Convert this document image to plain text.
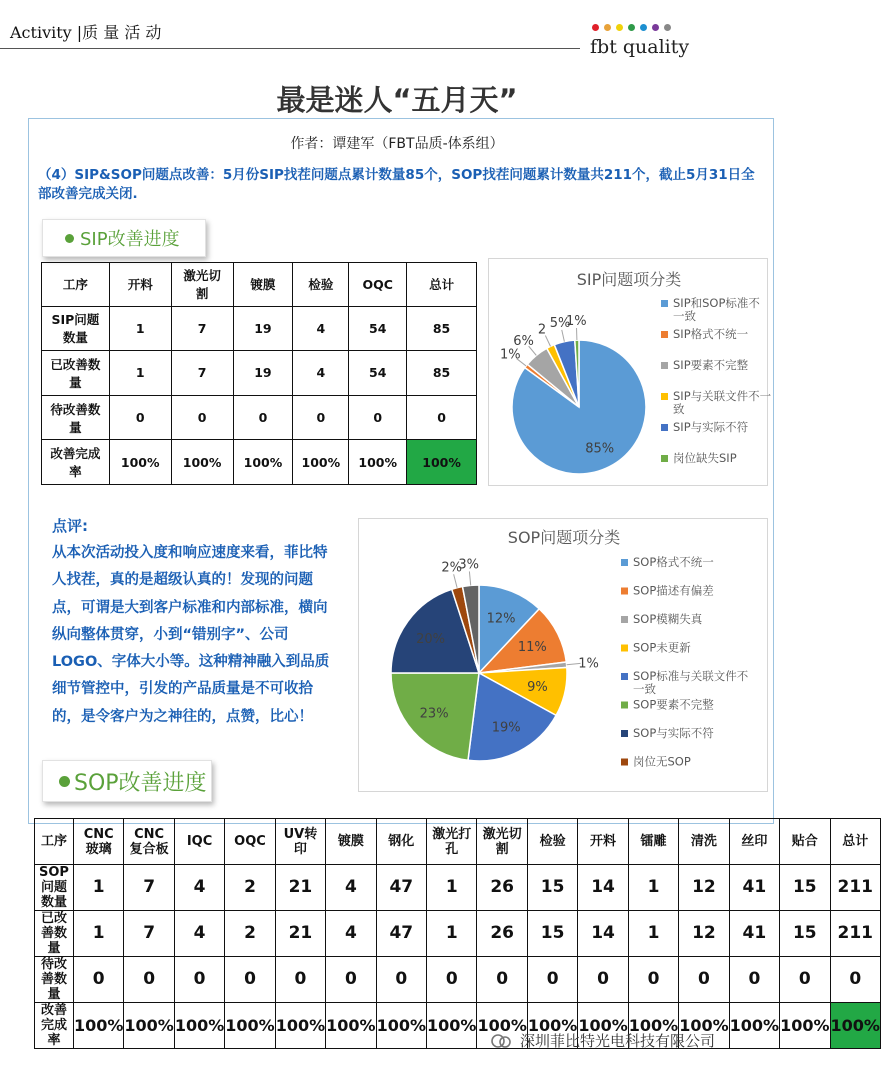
Activity |质 量 活 动
fbt quality
最是迷人“五月天”
作者：谭建军（FBT品质-体系组）
（4）SIP&SOP问题点改善：5月份SIP找茬问题点累计数量85个，SOP找茬问题累计数量共211个，截止5月31日全部改善完成关闭.
SIP改善进度
工序	开料	激光切割	镀膜	检验	OQC	总计
SIP问题数量	1	7	19	4	54	85
已改善数量	1	7	19	4	54	85
待改善数量	0	0	0	0	0	0
改善完成率	100%	100%	100%	100%	100%	100%
SIP问题项分类
85%
1%
6%
2 5%
1%
SIP和SOP标准不
一致
SIP格式不统一
SIP要素不完整
SIP与关联文件不一
致
SIP与实际不符
岗位缺失SIP
点评:
从本次活动投入度和响应速度来看，菲比特人找茬，真的是超级认真的！发现的问题点，可谓是大到客户标准和内部标准，横向纵向整体贯穿，小到“错别字”、公司LOGO、字体大小等。这种精神融入到品质细节管控中，引发的产品质量是不可收拾的，是令客户为之神往的，点赞，比心！
SOP问题项分类
12%
11%
1%
9%
19%
23%
20%
2%
3%	SOP格式不统一
SOP描述有偏差
SOP模糊失真
SOP未更新
SOP标准与关联文件不
一致
SOP要素不完整
SOP与实际不符
岗位无SOP
SOP改善进度
工序	CNC玻璃	CNC复合板	IQC	OQC	UV转印	镀膜	钢化	激光打孔	激光切割	检验	开料	镭雕	清洗	丝印	贴合	总计
SOP问题数量	1	7	4	2	21	4	47	1	26	15	14	1	12	41	15	211
已改善数量	1	7	4	2	21	4	47	1	26	15	14	1	12	41	15	211
待改善数量	0	0	0	0	0	0	0	0	0	0	0	0	0	0	0	0
改善完成率	100%	100%	100%	100%	100%	100%	100%	100%	100%	100%	100%	100%	100%	100%	100%	100%
深圳菲比特光电科技有限公司
